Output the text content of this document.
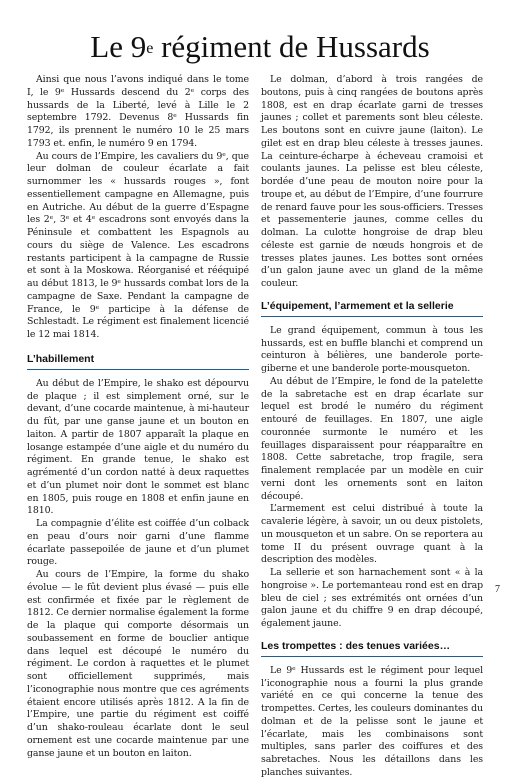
Le 9e régiment de Hussards

Ainsi que nous l’avons indiqué dans le tome I, le 9ᵉ Hussards descend du 2ᵉ corps des hussards de la Liberté, levé à Lille le 2 septembre 1792. Devenus 8ᵉ Hussards fin 1792, ils prennent le numéro 10 le 25 mars 1793 et. enfin, le numéro 9 en 1794.

Au cours de l’Empire, les cavaliers du 9ᵉ, que leur dolman de couleur écarlate a fait surnommer les « hussards rouges », font essentiellement campagne en Allemagne, puis en Autriche. Au début de la guerre d’Espagne les 2ᵉ, 3ᵉ et 4ᵉ escadrons sont envoyés dans la Péninsule et combattent les Espagnols au cours du siège de Valence. Les escadrons restants participent à la campagne de Russie et sont à la Moskowa. Réorganisé et rééquipé au début 1813, le 9ᵉ hussards combat lors de la campagne de Saxe. Pendant la campagne de France, le 9ᵉ participe à la défense de Schlestadt. Le régiment est finalement licencié le 12 mai 1814.

L’habillement

Au début de l’Empire, le shako est dépourvu de plaque ; il est simplement orné, sur le devant, d’une cocarde maintenue, à mi-hauteur du fût, par une ganse jaune et un bouton en laiton. A partir de 1807 apparaît la plaque en losange estampée d’une aigle et du numéro du régiment. En grande tenue, le shako est agrémenté d’un cordon natté à deux raquettes et d’un plumet noir dont le sommet est blanc en 1805, puis rouge en 1808 et enfin jaune en 1810.

La compagnie d’élite est coiffée d’un colback en peau d’ours noir garni d’une flamme écarlate passepoilée de jaune et d’un plumet rouge.

Au cours de l’Empire, la forme du shako évolue — le fût devient plus évasé — puis elle est confirmée et fixée par le règlement de 1812. Ce dernier normalise également la forme de la plaque qui comporte désormais un soubassement en forme de bouclier antique dans lequel est découpé le numéro du régiment. Le cordon à raquettes et le plumet sont officiellement supprimés, mais l’iconographie nous montre que ces agréments étaient encore utilisés après 1812. A la fin de l’Empire, une partie du régiment est coiffé d’un shako-rouleau écarlate dont le seul ornement est une cocarde maintenue par une ganse jaune et un bouton en laiton.

Le dolman, d’abord à trois rangées de boutons, puis à cinq rangées de boutons après 1808, est en drap écarlate garni de tresses jaunes ; collet et parements sont bleu céleste. Les boutons sont en cuivre jaune (laiton). Le gilet est en drap bleu céleste à tresses jaunes. La ceinture-écharpe à écheveau cramoisi et coulants jaunes. La pelisse est bleu céleste, bordée d’une peau de mouton noire pour la troupe et, au début de l’Empire, d’une fourrure de renard fauve pour les sous-officiers. Tresses et passementerie jaunes, comme celles du dolman. La culotte hongroise de drap bleu céleste est garnie de nœuds hongrois et de tresses plates jaunes. Les bottes sont ornées d’un galon jaune avec un gland de la même couleur.

L’équipement, l’armement et la sellerie

Le grand équipement, commun à tous les hussards, est en buffle blanchi et comprend un ceinturon à bélières, une banderole porte-giberne et une banderole porte-mousqueton.

Au début de l’Empire, le fond de la patelette de la sabretache est en drap écarlate sur lequel est brodé le numéro du régiment entouré de feuillages. En 1807, une aigle couronnée surmonte le numéro et les feuillages disparaissent pour réapparaître en 1808. Cette sabretache, trop fragile, sera finalement remplacée par un modèle en cuir verni dont les ornements sont en laiton découpé.

L’armement est celui distribué à toute la cavalerie légère, à savoir, un ou deux pistolets, un mousqueton et un sabre. On se reportera au tome II du présent ouvrage quant à la description des modèles.

La sellerie et son harnachement sont « à la hongroise ». Le portemanteau rond est en drap bleu de ciel ; ses extrémités ont ornées d’un galon jaune et du chiffre 9 en drap découpé, également jaune.

Les trompettes : des tenues variées…

Le 9ᵉ Hussards est le régiment pour lequel l’iconographie nous a fourni la plus grande variété en ce qui concerne la tenue des trompettes. Certes, les couleurs dominantes du dolman et de la pelisse sont le jaune et l’écarlate, mais les combinaisons sont multiples, sans parler des coiffures et des sabretaches. Nous les détaillons dans les planches suivantes.

7
